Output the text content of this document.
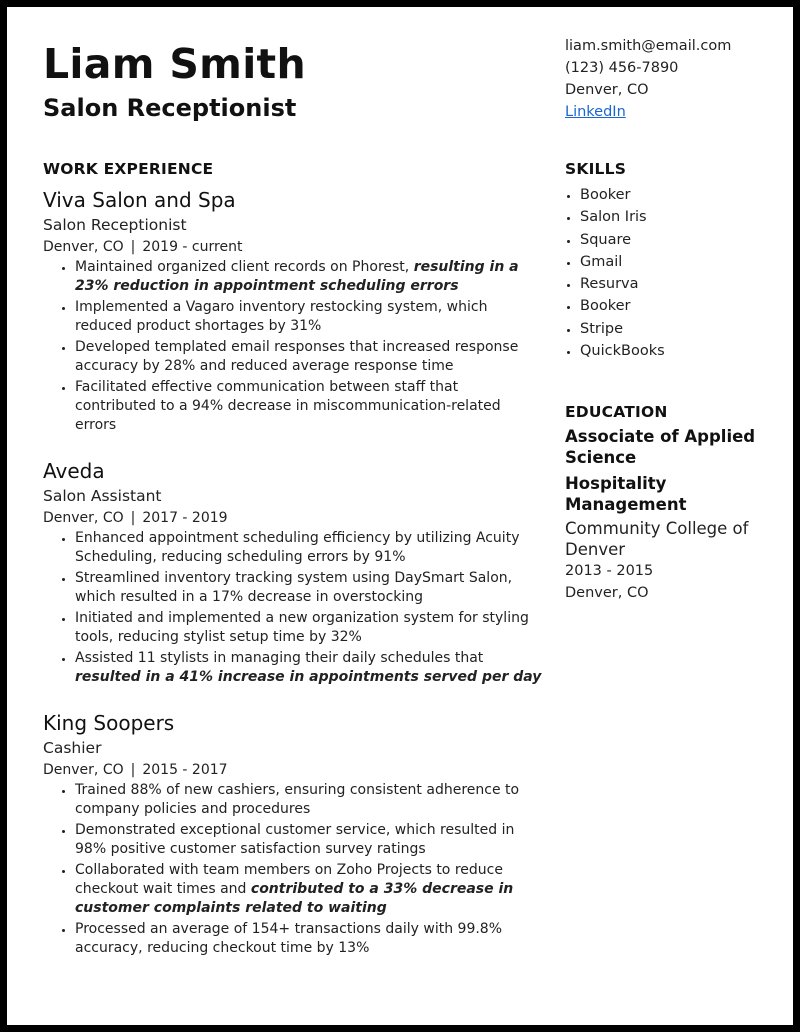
Liam Smith
Salon Receptionist
liam.smith@email.com
(123) 456-7890
Denver, CO
LinkedIn
WORK EXPERIENCE
Viva Salon and Spa
Salon Receptionist
Denver, CO | 2019 - current
• Maintained organized client records on Phorest, resulting in a 23% reduction in appointment scheduling errors
• Implemented a Vagaro inventory restocking system, which reduced product shortages by 31%
• Developed templated email responses that increased response accuracy by 28% and reduced average response time
• Facilitated effective communication between staff that contributed to a 94% decrease in miscommunication-related errors
Aveda
Salon Assistant
Denver, CO | 2017 - 2019
• Enhanced appointment scheduling efficiency by utilizing Acuity Scheduling, reducing scheduling errors by 91%
• Streamlined inventory tracking system using DaySmart Salon, which resulted in a 17% decrease in overstocking
• Initiated and implemented a new organization system for styling tools, reducing stylist setup time by 32%
• Assisted 11 stylists in managing their daily schedules that resulted in a 41% increase in appointments served per day
King Soopers
Cashier
Denver, CO | 2015 - 2017
• Trained 88% of new cashiers, ensuring consistent adherence to company policies and procedures
• Demonstrated exceptional customer service, which resulted in 98% positive customer satisfaction survey ratings
• Collaborated with team members on Zoho Projects to reduce checkout wait times and contributed to a 33% decrease in customer complaints related to waiting
• Processed an average of 154+ transactions daily with 99.8% accuracy, reducing checkout time by 13%
SKILLS
• Booker
• Salon Iris
• Square
• Gmail
• Resurva
• Booker
• Stripe
• QuickBooks
EDUCATION
Associate of Applied Science
Hospitality Management
Community College of Denver
2013 - 2015
Denver, CO
